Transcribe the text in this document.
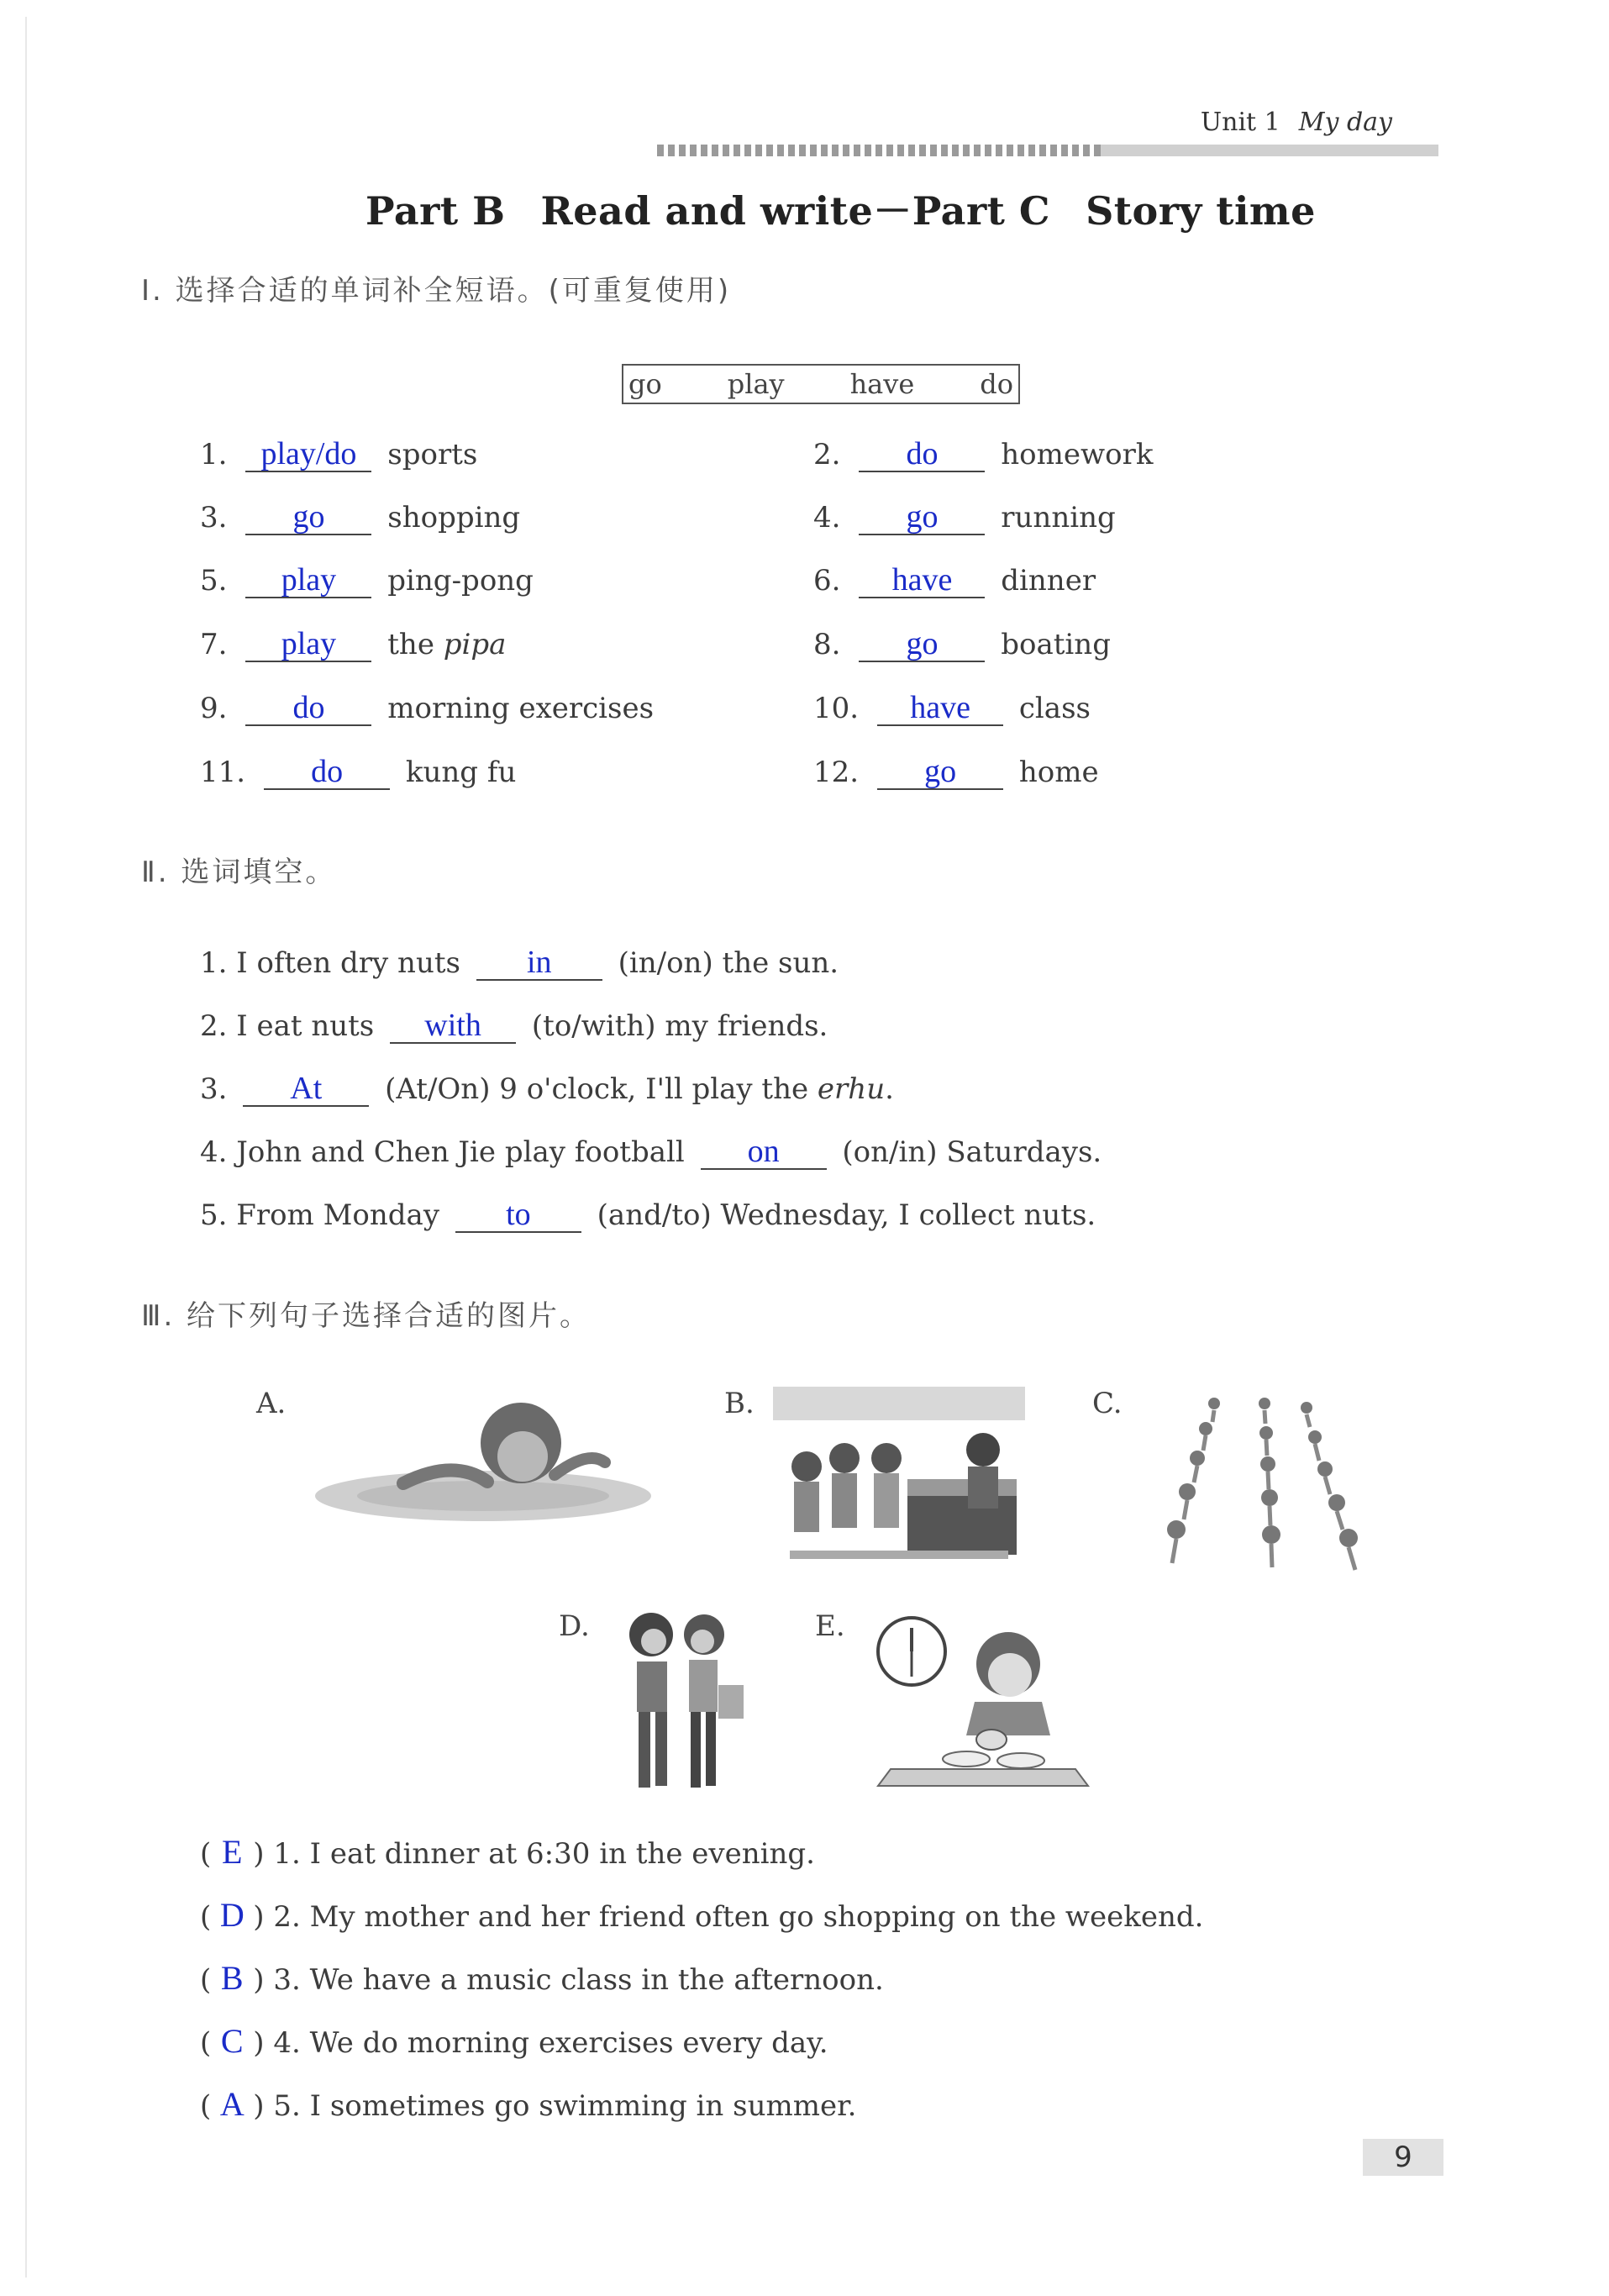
Unit 1 My day
Part B Read and write－Part C Story time
Ⅰ. 选择合适的单词补全短语。(可重复使用)
go play have do
1. play/do sports
3. go shopping
5. play ping-pong
7. play the pipa
9. do morning exercises
11. do kung fu
2. do homework
4. go running
6. have dinner
8. go boating
10. have class
12. go home
Ⅱ. 选词填空。
1. I often dry nuts in (in/on) the sun.
2. I eat nuts with (to/with) my friends.
3. At (At/On) 9 o'clock, I'll play the erhu.
4. John and Chen Jie play football on (on/in) Saturdays.
5. From Monday to (and/to) Wednesday, I collect nuts.
Ⅲ. 给下列句子选择合适的图片。
A.	B.	C.
D.	E.
( E ) 1. I eat dinner at 6:30 in the evening.
( D ) 2. My mother and her friend often go shopping on the weekend.
( B ) 3. We have a music class in the afternoon.
( C ) 4. We do morning exercises every day.
( A ) 5. I sometimes go swimming in summer.
9
